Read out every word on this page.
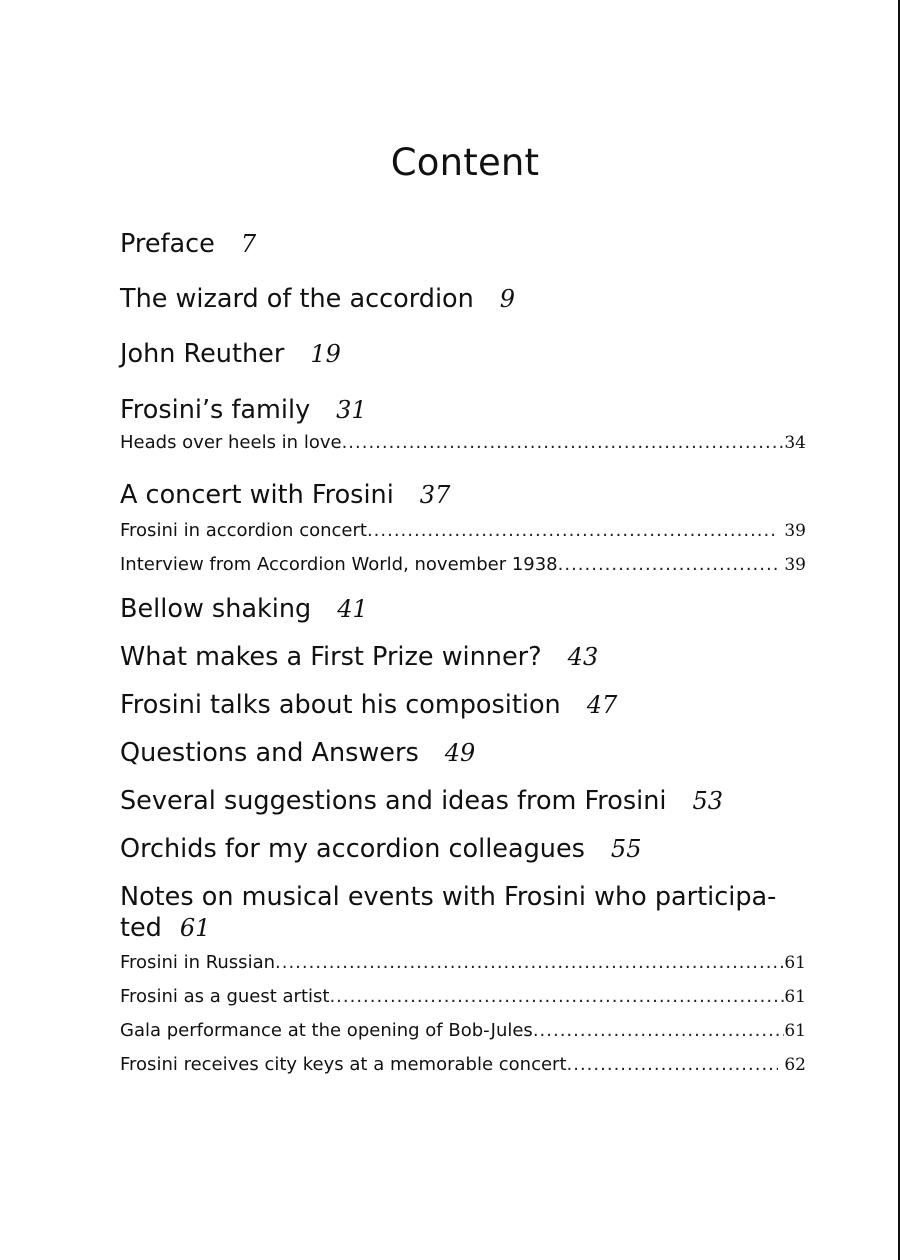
Content
Preface 7
The wizard of the accordion 9
John Reuther 19
Frosini’s family 31
Heads over heels in love .....	34
A concert with Frosini 37
Frosini in accordion concert .....	39
Interview from Accordion World, november 1938 .....	39
Bellow shaking 41
What makes a First Prize winner? 43
Frosini talks about his composition 47
Questions and Answers 49
Several suggestions and ideas from Frosini 53
Orchids for my accordion colleagues 55
Notes on musical events with Frosini who participa-
ted 61
Frosini in Russian .....	61
Frosini as a guest artist .....	61
Gala performance at the opening of Bob-Jules .....	61
Frosini receives city keys at a memorable concert .....	62
